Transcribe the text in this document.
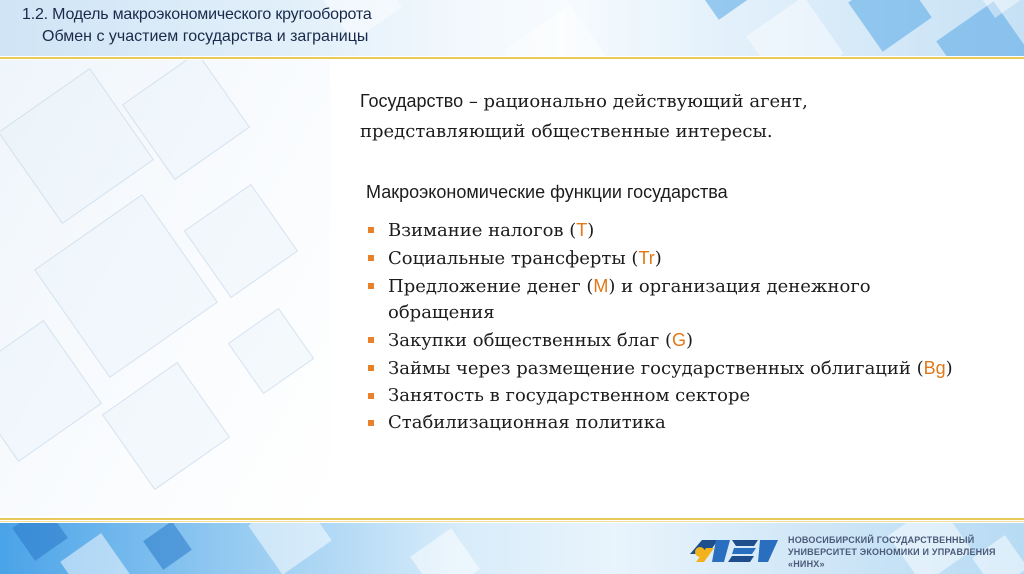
1.2. Модель макроэкономического кругооборота

Обмен с участием государства и заграницы

Государство – рационально действующий агент, представляющий общественные интересы.

Макроэкономические функции государства

Взимание налогов (T)
Социальные трансферты (Tr)
Предложение денег (M) и организация денежного обращения
Закупки общественных благ (G)
Займы через размещение государственных облигаций (Bg)
Занятость в государственном секторе
Стабилизационная политика

НОВОСИБИРСКИЙ ГОСУДАРСТВЕННЫЙ
УНИВЕРСИТЕТ ЭКОНОМИКИ И УПРАВЛЕНИЯ «НИНХ»
